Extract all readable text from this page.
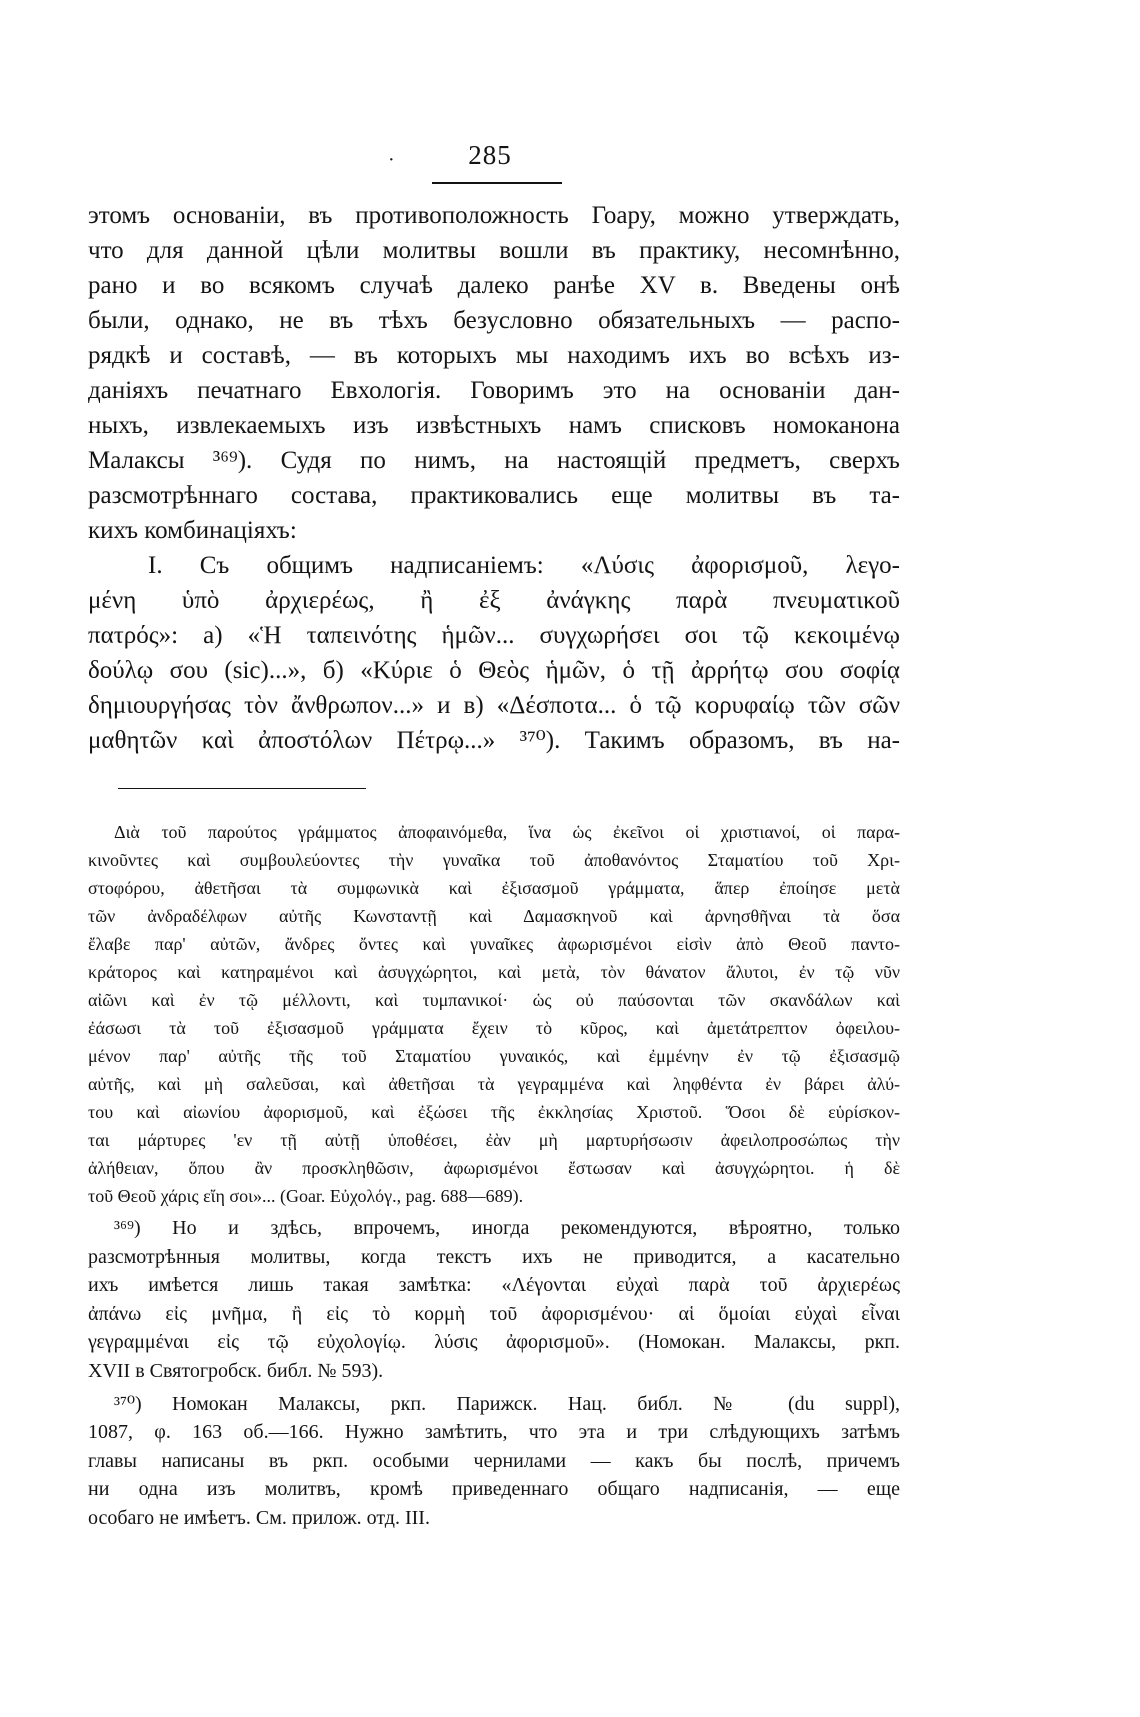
·	285
этомъ основаніи, въ противоположность Гоару, можно утверждать,
что для данной цѣли молитвы вошли въ практику, несомнѣнно,
рано и во всякомъ случаѣ далеко ранѣе XV в. Введены онѣ
были, однако, не въ тѣхъ безусловно обязательныхъ — распо-
рядкѣ и составѣ, — въ которыхъ мы находимъ ихъ во всѣхъ из-
даніяхъ печатнаго Евхологія. Говоримъ это на основаніи дан-
ныхъ, извлекаемыхъ изъ извѣстныхъ намъ списковъ номоканона
Малаксы ³⁶⁹). Судя по нимъ, на настоящій предметъ, сверхъ
разсмотрѣннаго состава, практиковались еще молитвы въ та-
кихъ комбинаціяхъ:
I. Съ общимъ надписаніемъ: «Λύσις ἀφορισμοῦ, λεγο-
μένη ὑπὸ ἀρχιερέως, ἢ ἐξ ἀνάγκης παρὰ πνευματικοῦ
πατρός»: а) «Ἡ ταπεινότης ἡμῶν... συγχωρήσει σοι τῷ κεκοιμένῳ
δούλῳ σου (sic)...», б) «Κύριε ὁ Θεὸς ἡμῶν, ὁ τῇ ἀρρήτῳ σου σοφίᾳ
δημιουργήσας τὸν ἄνθρωπον...» и в) «Δέσποτα... ὁ τῷ κορυφαίῳ τῶν σῶν
μαθητῶν καὶ ἀποστόλων Πέτρῳ...» ³⁷⁰). Такимъ образомъ, въ на-
Διὰ τοῦ παρούτος γράμματος ἀποφαινόμεθα, ἵνα ὡς ἐκεῖνοι οἱ χριστιανοί, οἱ παρα-
κινοῦντες καὶ συμβουλεύοντες τὴν γυναῖκα τοῦ ἀποθανόντος Σταματίου τοῦ Χρι-
στοφόρου, ἀθετῆσαι τὰ συμφωνικὰ καὶ ἐξισασμοῦ γράμματα, ἅπερ ἐποίησε μετὰ
τῶν ἀνδραδέλφων αὐτῆς Κωνσταντῇ καὶ Δαμασκηνοῦ καὶ ἀρνησθῆναι τὰ ὅσα
ἔλαβε παρ' αὐτῶν, ἄνδρες ὄντες καὶ γυναῖκες ἀφωρισμένοι εἰσὶν ἀπὸ Θεοῦ παντο-
κράτορος καὶ κατηραμένοι καὶ ἀσυγχώρητοι, καὶ μετὰ, τὸν θάνατον ἄλυτοι, ἐν τῷ νῦν
αἰῶνι καὶ ἐν τῷ μέλλοντι, καὶ τυμπανικοί· ὡς οὐ παύσονται τῶν σκανδάλων καὶ
ἐάσωσι τὰ τοῦ ἐξισασμοῦ γράμματα ἔχειν τὸ κῦρος, καὶ ἀμετάτρεπτον ὀφειλου-
μένον παρ' αὐτῆς τῆς τοῦ Σταματίου γυναικός, καὶ ἐμμένην ἐν τῷ ἐξισασμῷ
αὐτῆς, καὶ μὴ σαλεῦσαι, καὶ ἀθετῆσαι τὰ γεγραμμένα καὶ ληφθέντα ἐν βάρει ἀλύ-
του καὶ αἰωνίου ἀφορισμοῦ, καὶ ἐξώσει τῆς ἐκκλησίας Χριστοῦ. Ὅσοι δὲ εὑρίσκον-
ται μάρτυρες 'εν τῇ αὐτῇ ὑποθέσει, ἐὰν μὴ μαρτυρήσωσιν ἀφειλοπροσώπως τὴν
ἀλήθειαν, ὅπου ἂν προσκληθῶσιν, ἀφωρισμένοι ἔστωσαν καὶ ἀσυγχώρητοι. ἡ δὲ
τοῦ Θεοῦ χάρις εἴη σοι»... (Goar. Εὐχολόγ., pag. 688—689).
³⁶⁹) Но и здѣсь, впрочемъ, иногда рекомендуются, вѣроятно, только
разсмотрѣнныя молитвы, когда текстъ ихъ не приводится, а касательно
ихъ имѣется лишь такая замѣтка: «Λέγονται εὐχαὶ παρὰ τοῦ ἀρχιερέως
ἀπάνω εἰς μνῆμα, ἢ εἰς τὸ κορμὴ τοῦ ἀφορισμένου· αἱ ὅμοίαι εὐχαὶ εἶναι
γεγραμμέναι εἰς τῷ εὐχολογίῳ. λύσις ἀφορισμοῦ». (Номокан. Малаксы, ркп.
XVII в Святогробск. библ. № 593).
³⁷⁰) Номокан Малаксы, ркп. Парижск. Нац. библ. № (du suppl),
1087, φ. 163 об.—166. Нужно замѣтить, что эта и три слѣдующихъ затѣмъ
главы написаны въ ркп. особыми чернилами — какъ бы послѣ, причемъ
ни одна изъ молитвъ, кромѣ приведеннаго общаго надписанія, — еще
особаго не имѣетъ. См. прилож. отд. III.
